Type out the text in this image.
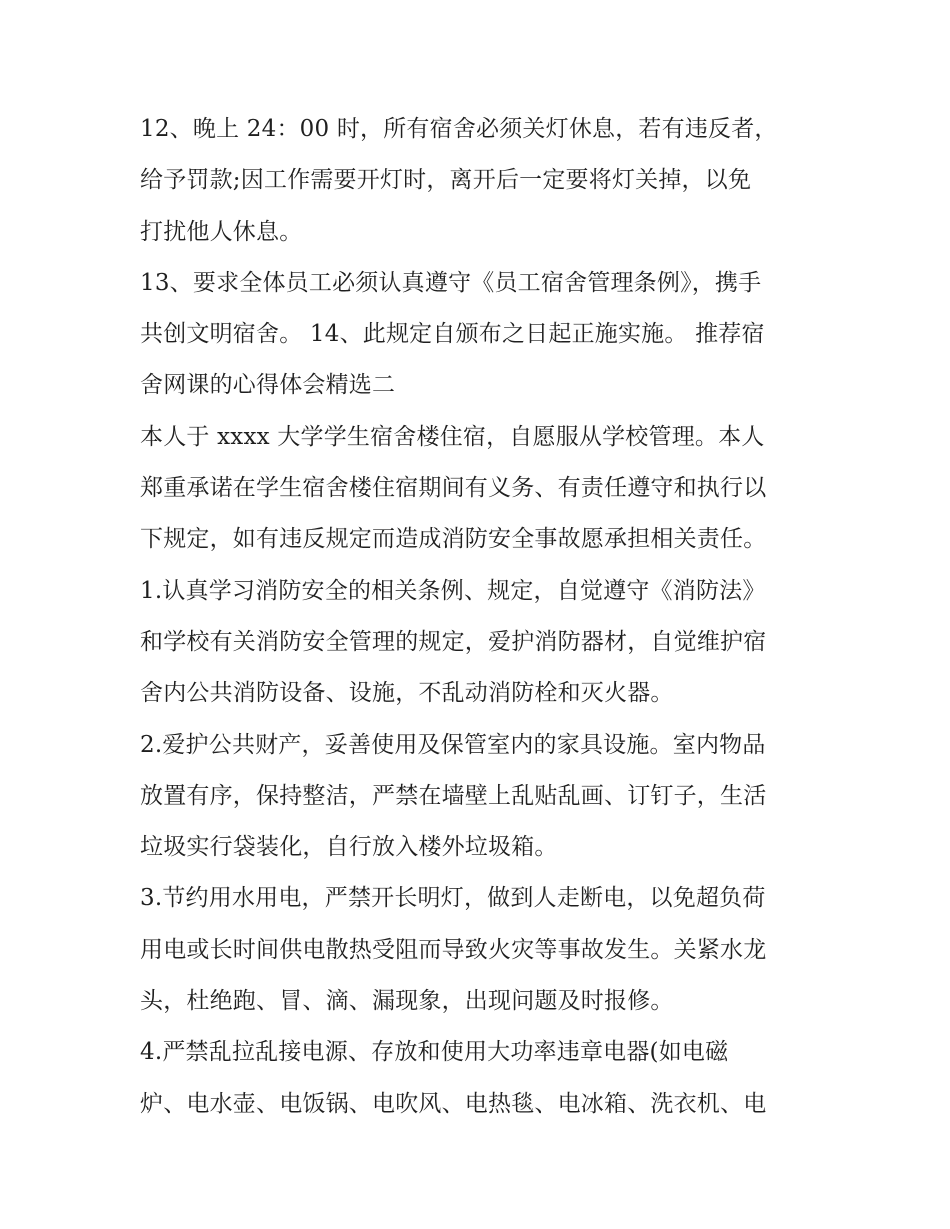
12、晚上 24：00 时，所有宿舍必须关灯休息，若有违反者，
给予罚款;因工作需要开灯时，离开后一定要将灯关掉，以免
打扰他人休息。
13、要求全体员工必须认真遵守《员工宿舍管理条例》，携手
共创文明宿舍。 14、此规定自颁布之日起正施实施。 推荐宿
舍网课的心得体会精选二
本人于 xxxx 大学学生宿舍楼住宿，自愿服从学校管理。本人
郑重承诺在学生宿舍楼住宿期间有义务、有责任遵守和执行以
下规定，如有违反规定而造成消防安全事故愿承担相关责任。
1.认真学习消防安全的相关条例、规定，自觉遵守《消防法》
和学校有关消防安全管理的规定，爱护消防器材，自觉维护宿
舍内公共消防设备、设施，不乱动消防栓和灭火器。
2.爱护公共财产，妥善使用及保管室内的家具设施。室内物品
放置有序，保持整洁，严禁在墙壁上乱贴乱画、订钉子，生活
垃圾实行袋装化，自行放入楼外垃圾箱。
3.节约用水用电，严禁开长明灯，做到人走断电，以免超负荷
用电或长时间供电散热受阻而导致火灾等事故发生。关紧水龙
头，杜绝跑、冒、滴、漏现象，出现问题及时报修。
4.严禁乱拉乱接电源、存放和使用大功率违章电器(如电磁
炉、电水壶、电饭锅、电吹风、电热毯、电冰箱、洗衣机、电
